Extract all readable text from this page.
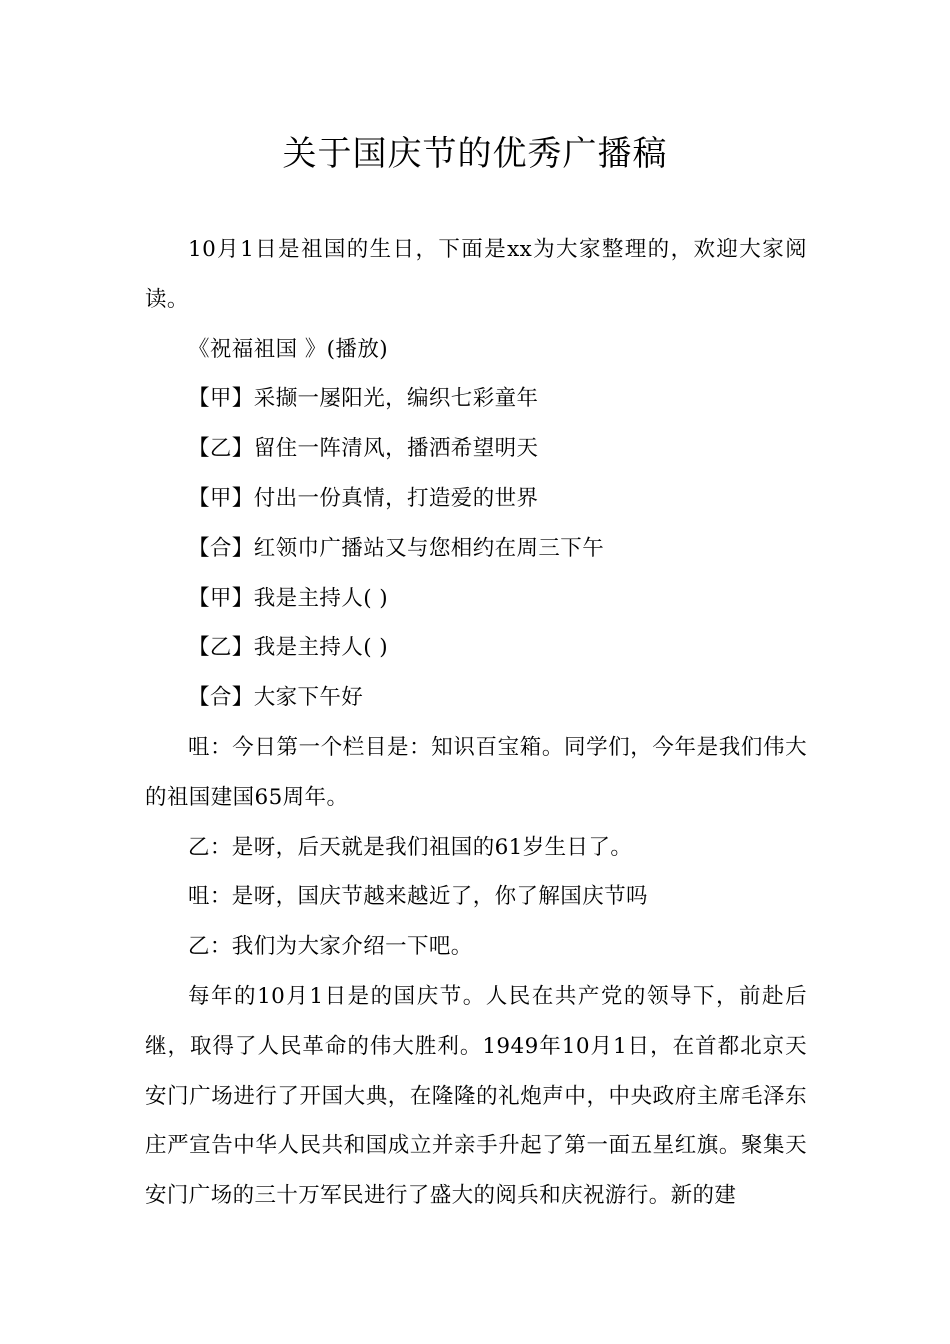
关于国庆节的优秀广播稿

10月1日是祖国的生日，下面是xx为大家整理的，欢迎大家阅读。

《祝福祖国 》(播放)

【甲】采撷一屡阳光，编织七彩童年

【乙】留住一阵清风，播洒希望明天

【甲】付出一份真情，打造爱的世界

【合】红领巾广播站又与您相约在周三下午

【甲】我是主持人( )

【乙】我是主持人( )

【合】大家下午好

咀：今日第一个栏目是：知识百宝箱。同学们，今年是我们伟大的祖国建国65周年。

乙：是呀，后天就是我们祖国的61岁生日了。

咀：是呀，国庆节越来越近了，你了解国庆节吗

乙：我们为大家介绍一下吧。

每年的10月1日是的国庆节。人民在共产党的领导下，前赴后继，取得了人民革命的伟大胜利。1949年10月1日，在首都北京天安门广场进行了开国大典，在隆隆的礼炮声中，中央政府主席毛泽东庄严宣告中华人民共和国成立并亲手升起了第一面五星红旗。聚集天安门广场的三十万军民进行了盛大的阅兵和庆祝游行。新的建
